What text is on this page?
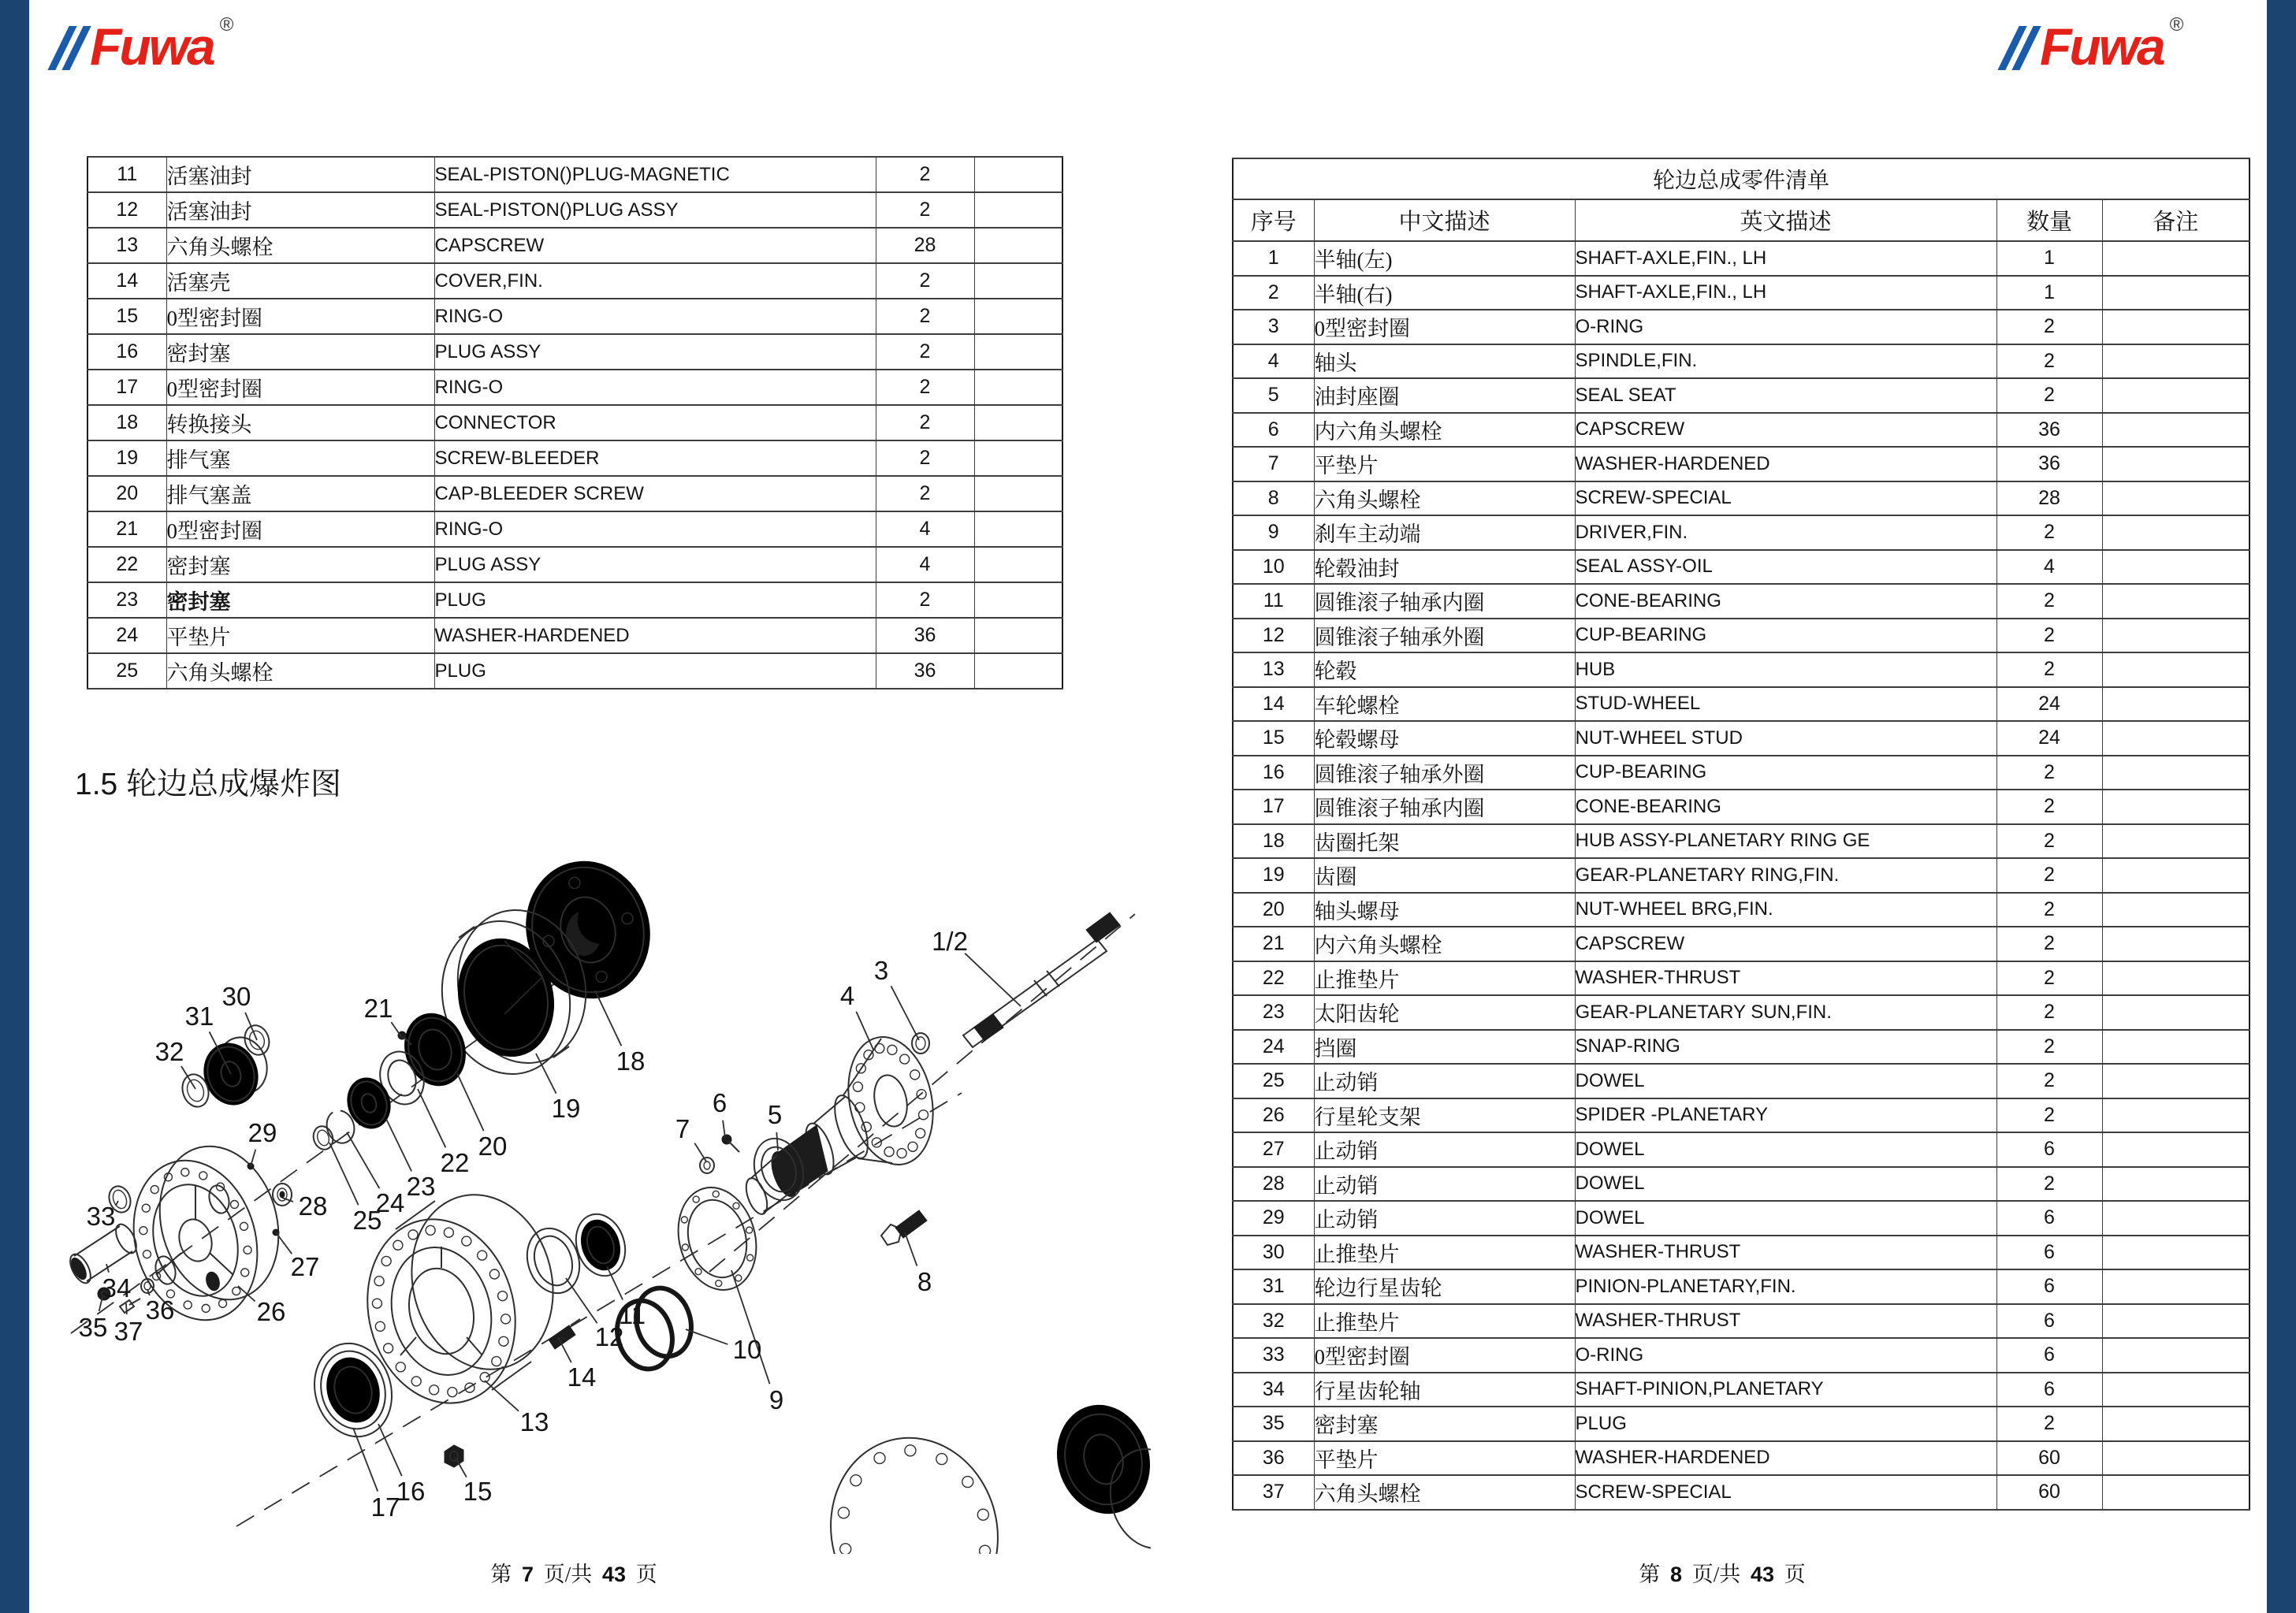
Fuwa ®	Fuwa ®
11	活塞油封	SEAL-PISTON()PLUG-MAGNETIC	2	
12	活塞油封	SEAL-PISTON()PLUG ASSY	2	
13	六角头螺栓	CAPSCREW	28	
14	活塞壳	COVER,FIN.	2	
15	0型密封圈	RING-O	2	
16	密封塞	PLUG ASSY	2	
17	0型密封圈	RING-O	2	
18	转换接头	CONNECTOR	2	
19	排气塞	SCREW-BLEEDER	2	
20	排气塞盖	CAP-BLEEDER SCREW	2	
21	0型密封圈	RING-O	4	
22	密封塞	PLUG ASSY	4	
23	密封塞	PLUG	2	
24	平垫片	WASHER-HARDENED	36	
25	六角头螺栓	PLUG	36	
1.5 轮边总成爆炸图
30
31
32
21
18
19
20
22
23
24
25
29
28
27
26
33
34
35 37
36
1/2
3
4
6
7	5
8
9
10
11
12
13
14
15
16
17
轮边总成零件清单				
序号	中文描述	英文描述	数量	备注
1	半轴(左)	SHAFT-AXLE,FIN., LH	1	
2	半轴(右)	SHAFT-AXLE,FIN., LH	1	
3	0型密封圈	O-RING	2	
4	轴头	SPINDLE,FIN.	2	
5	油封座圈	SEAL SEAT	2	
6	内六角头螺栓	CAPSCREW	36	
7	平垫片	WASHER-HARDENED	36	
8	六角头螺栓	SCREW-SPECIAL	28	
9	刹车主动端	DRIVER,FIN.	2	
10	轮毂油封	SEAL ASSY-OIL	4	
11	圆锥滚子轴承内圈	CONE-BEARING	2	
12	圆锥滚子轴承外圈	CUP-BEARING	2	
13	轮毂	HUB	2	
14	车轮螺栓	STUD-WHEEL	24	
15	轮毂螺母	NUT-WHEEL STUD	24	
16	圆锥滚子轴承外圈	CUP-BEARING	2	
17	圆锥滚子轴承内圈	CONE-BEARING	2	
18	齿圈托架	HUB ASSY-PLANETARY RING GE	2	
19	齿圈	GEAR-PLANETARY RING,FIN.	2	
20	轴头螺母	NUT-WHEEL BRG,FIN.	2	
21	内六角头螺栓	CAPSCREW	2	
22	止推垫片	WASHER-THRUST	2	
23	太阳齿轮	GEAR-PLANETARY SUN,FIN.	2	
24	挡圈	SNAP-RING	2	
25	止动销	DOWEL	2	
26	行星轮支架	SPIDER -PLANETARY	2	
27	止动销	DOWEL	6	
28	止动销	DOWEL	2	
29	止动销	DOWEL	6	
30	止推垫片	WASHER-THRUST	6	
31	轮边行星齿轮	PINION-PLANETARY,FIN.	6	
32	止推垫片	WASHER-THRUST	6	
33	0型密封圈	O-RING	6	
34	行星齿轮轴	SHAFT-PINION,PLANETARY	6	
35	密封塞	PLUG	2	
36	平垫片	WASHER-HARDENED	60	
37	六角头螺栓	SCREW-SPECIAL	60	
第 7 页/共 43 页	第 8 页/共 43 页
